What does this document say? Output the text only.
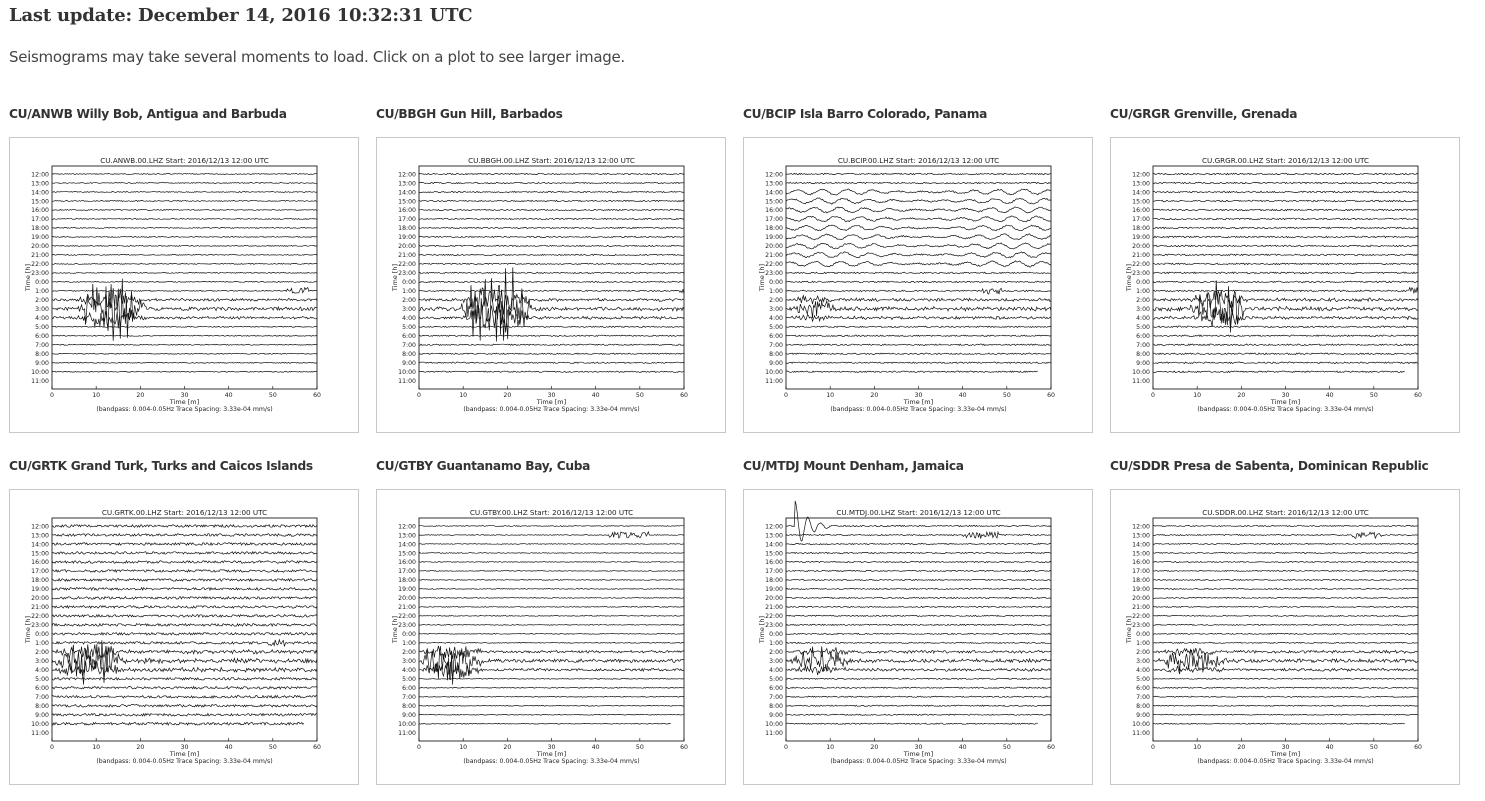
Last update: December 14, 2016 10:32:31 UTC

Seismograms may take several moments to load. Click on a plot to see larger image.

CU/ANWB Willy Bob, Antigua and Barbuda
CU.ANWB.00.LHZ Start: 2016/12/13 12:00 UTC
Time [h]
0	10	20	30	40	50	60
Time [m]
(bandpass: 0.004-0.05Hz Trace Spacing: 3.33e-04 mm/s)
12:00
13:00
14:00
15:00
16:00
17:00
18:00
19:00
20:00
21:00
22:00
23:00
0:00
1:00
2:00
3:00
4:00
5:00
6:00
7:00
8:00
9:00
10:00
11:00
CU/BBGH Gun Hill, Barbados
CU.BBGH.00.LHZ Start: 2016/12/13 12:00 UTC
Time [h]
0	10	20	30	40	50	60
Time [m]
(bandpass: 0.004-0.05Hz Trace Spacing: 3.33e-04 mm/s)
12:00
13:00
14:00
15:00
16:00
17:00
18:00
19:00
20:00
21:00
22:00
23:00
0:00
1:00
2:00
3:00
4:00
5:00
6:00
7:00
8:00
9:00
10:00
11:00
CU/BCIP Isla Barro Colorado, Panama
CU.BCIP.00.LHZ Start: 2016/12/13 12:00 UTC
Time [h]
0	10	20	30	40	50	60
Time [m]
(bandpass: 0.004-0.05Hz Trace Spacing: 3.33e-04 mm/s)
12:00
13:00
14:00
15:00
16:00
17:00
18:00
19:00
20:00
21:00
22:00
23:00
0:00
1:00
2:00
3:00
4:00
5:00
6:00
7:00
8:00
9:00
10:00
11:00
CU/GRGR Grenville, Grenada
CU.GRGR.00.LHZ Start: 2016/12/13 12:00 UTC
Time [h]
0	10	20	30	40	50	60
Time [m]
(bandpass: 0.004-0.05Hz Trace Spacing: 3.33e-04 mm/s)
12:00
13:00
14:00
15:00
16:00
17:00
18:00
19:00
20:00
21:00
22:00
23:00
0:00
1:00
2:00
3:00
4:00
5:00
6:00
7:00
8:00
9:00
10:00
11:00
CU/GRTK Grand Turk, Turks and Caicos Islands
CU.GRTK.00.LHZ Start: 2016/12/13 12:00 UTC
Time [h]
0	10	20	30	40	50	60
Time [m]
(bandpass: 0.004-0.05Hz Trace Spacing: 3.33e-04 mm/s)
12:00
13:00
14:00
15:00
16:00
17:00
18:00
19:00
20:00
21:00
22:00
23:00
0:00
1:00
2:00
3:00
4:00
5:00
6:00
7:00
8:00
9:00
10:00
11:00
CU/GTBY Guantanamo Bay, Cuba
CU.GTBY.00.LHZ Start: 2016/12/13 12:00 UTC
Time [h]
0	10	20	30	40	50	60
Time [m]
(bandpass: 0.004-0.05Hz Trace Spacing: 3.33e-04 mm/s)
12:00
13:00
14:00
15:00
16:00
17:00
18:00
19:00
20:00
21:00
22:00
23:00
0:00
1:00
2:00
3:00
4:00
5:00
6:00
7:00
8:00
9:00
10:00
11:00
CU/MTDJ Mount Denham, Jamaica
CU.MTDJ.00.LHZ Start: 2016/12/13 12:00 UTC
Time [h]
0	10	20	30	40	50	60
Time [m]
(bandpass: 0.004-0.05Hz Trace Spacing: 3.33e-04 mm/s)
12:00
13:00
14:00
15:00
16:00
17:00
18:00
19:00
20:00
21:00
22:00
23:00
0:00
1:00
2:00
3:00
4:00
5:00
6:00
7:00
8:00
9:00
10:00
11:00
CU/SDDR Presa de Sabenta, Dominican Republic
CU.SDDR.00.LHZ Start: 2016/12/13 12:00 UTC
Time [h]
0	10	20	30	40	50	60
Time [m]
(bandpass: 0.004-0.05Hz Trace Spacing: 3.33e-04 mm/s)
12:00
13:00
14:00
15:00
16:00
17:00
18:00
19:00
20:00
21:00
22:00
23:00
0:00
1:00
2:00
3:00
4:00
5:00
6:00
7:00
8:00
9:00
10:00
11:00
